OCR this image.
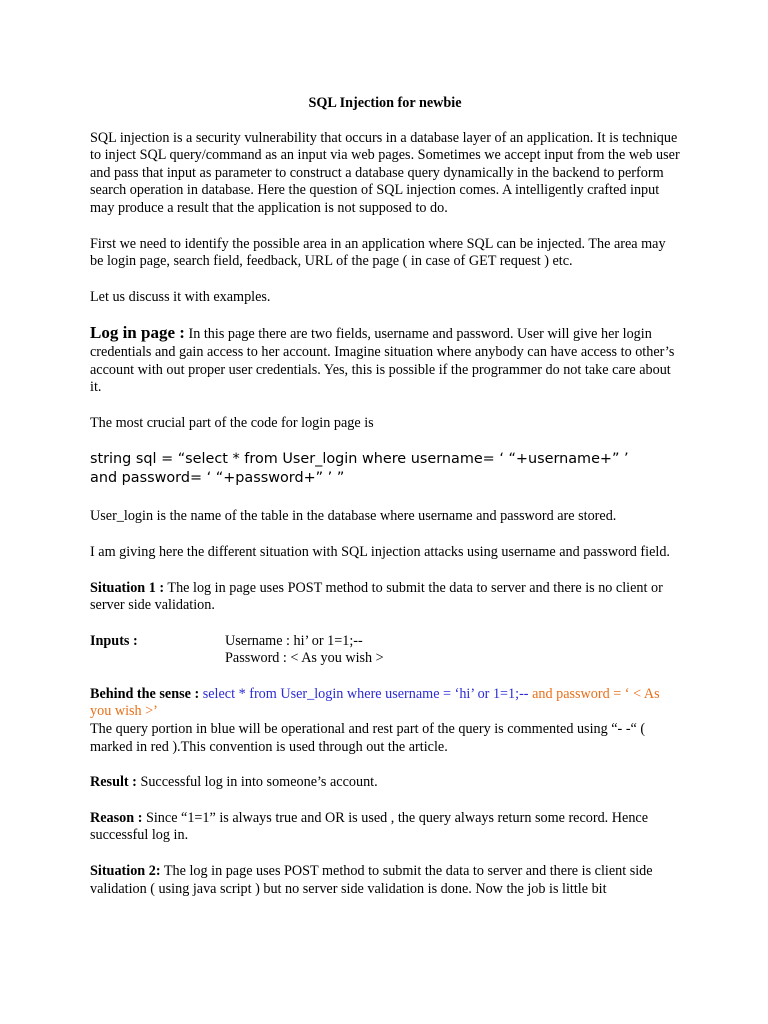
SQL Injection for newbie

SQL injection is a security vulnerability that occurs in a database layer of an application. It is technique to inject SQL query/command as an input via web pages. Sometimes we accept input from the web user and pass that input as parameter to construct a database query dynamically in the backend to perform search operation in database. Here the question of SQL injection comes. A intelligently crafted input may produce a result that the application is not supposed to do.

First we need to identify the possible area in an application where SQL can be injected. The area may be login page, search field, feedback, URL of the page ( in case of GET request ) etc.

Let us discuss it with examples.

Log in page : In this page there are two fields, username and password. User will give her login credentials and gain access to her account. Imagine situation where anybody can have access to other’s account with out proper user credentials. Yes, this is possible if the programmer do not take care about it.

The most crucial part of the code for login page is

string sql = “select * from User_login where username= ‘ “+username+” ’
and password= ‘ “+password+” ’ ”

User_login is the name of the table in the database where username and password are stored.

I am giving here the different situation with SQL injection attacks using username and password field.

Situation 1 : The log in page uses POST method to submit the data to server and there is no client or server side validation.

Inputs :	Username : hi’ or 1=1;--
Password : < As you wish >

Behind the sense : select * from User_login where username = ‘hi’ or 1=1;-- and password = ‘ < As you wish >’
The query portion in blue will be operational and rest part of the query is commented using “- -“ ( marked in red ).This convention is used through out the article.

Result : Successful log in into someone’s account.

Reason : Since “1=1” is always true and OR is used , the query always return some record. Hence successful log in.

Situation 2: The log in page uses POST method to submit the data to server and there is client side validation ( using java script ) but no server side validation is done. Now the job is little bit
